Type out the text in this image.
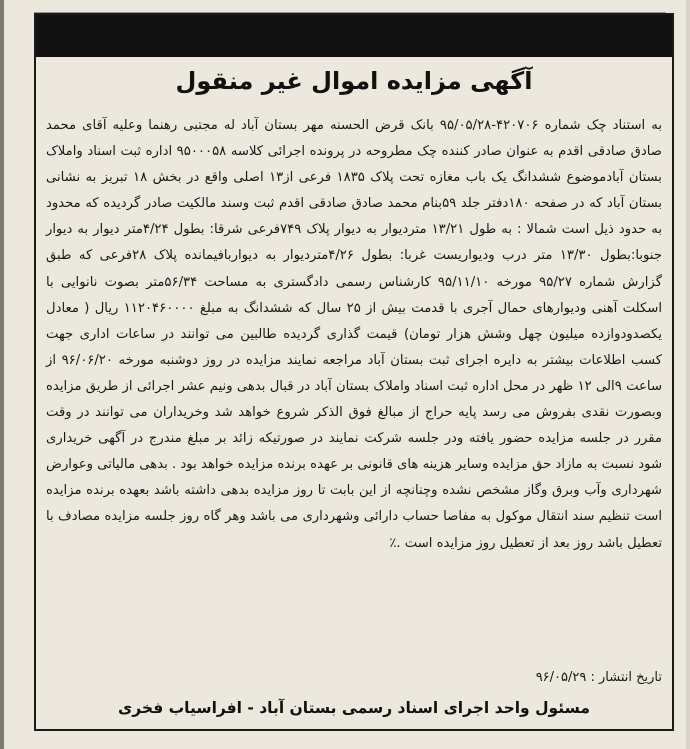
آگهی مزایده اموال غیر منقول

به استناد چک شماره ۴۲۰۷۰۶-۹۵/۰۵/۲۸ بانک قرض الحسنه مهر بستان آباد له مجتبی رهنما وعلیه آقای محمد صادق صادقی اقدم به عنوان صادر کننده چک مطروحه در پرونده اجرائی کلاسه ۹۵۰۰۰۵۸ اداره ثبت اسناد واملاک بستان آبادموضوع ششدانگ یک باب مغازه تحت پلاک ۱۸۳۵ فرعی از۱۳ اصلی واقع در بخش ۱۸ تبریز به نشانی بستان آباد که در صفحه ۱۸۰دفتر جلد ۵۹بنام محمد صادق صادقی اقدم ثبت وسند مالکیت صادر گردیده که محدود به حدود ذیل است شمالا : به طول ۱۳/۲۱ متردیوار به دیوار پلاک ۷۴۹فرعی شرقا: بطول ۴/۲۴متر دیوار به دیوار جنوبا:بطول ۱۳/۳۰ متر درب ودیواریست غربا: بطول ۴/۲۶متردیوار به دیواربافیمانده پلاک ۲۸فرعی که طبق گزارش شماره ۹۵/۲۷ مورخه ۹۵/۱۱/۱۰ کارشناس رسمی دادگستری به مساحت ۵۶/۳۴متر بصوت نانوایی با اسکلت آهنی ودیوارهای حمال آجری با قدمت بیش از ۲۵ سال که ششدانگ به مبلغ ۱۱۲۰۴۶۰۰۰۰ ریال ( معادل یکصدودوازده میلیون چهل وشش هزار تومان) قیمت گذاری گردیده طالبین می توانند در ساعات اداری جهت کسب اطلاعات بیشتر به دایره اجرای ثبت بستان آباد مراجعه نمایند مزایده در روز دوشنبه مورخه ۹۶/۰۶/۲۰ از ساعت ۹الی ۱۲ ظهر در محل اداره ثبت اسناد واملاک بستان آباد در قبال بدهی ونیم عشر اجرائی از طریق مزایده وبصورت نقدی بفروش می رسد پایه حراج از مبالغ فوق الذکر شروع خواهد شد وخریداران می توانند در وقت مقرر در جلسه مزایده حضور یافته ودر جلسه شرکت نمایند در صورتیکه زائد بر مبلغ مندرج در آگهی خریداری شود نسبت به مازاد حق مزایده وسایر هزینه های قانونی بر عهده برنده مزایده خواهد بود . بدهی مالیاتی وعوارض شهرداری وآب وبرق وگاز مشخص نشده وچنانچه از این بابت تا روز مزایده بدهی داشته باشد بعهده برنده مزایده است تنظیم سند انتقال موکول به مفاصا حساب دارائی وشهرداری می باشد وهر گاه روز جلسه مزایده مصادف با تعطیل باشد روز بعد از تعطیل روز مزایده است .٪

تاریخ انتشار : ۹۶/۰۵/۲۹
مسئول واحد اجرای اسناد رسمی بستان آباد - افراسیاب فخری
